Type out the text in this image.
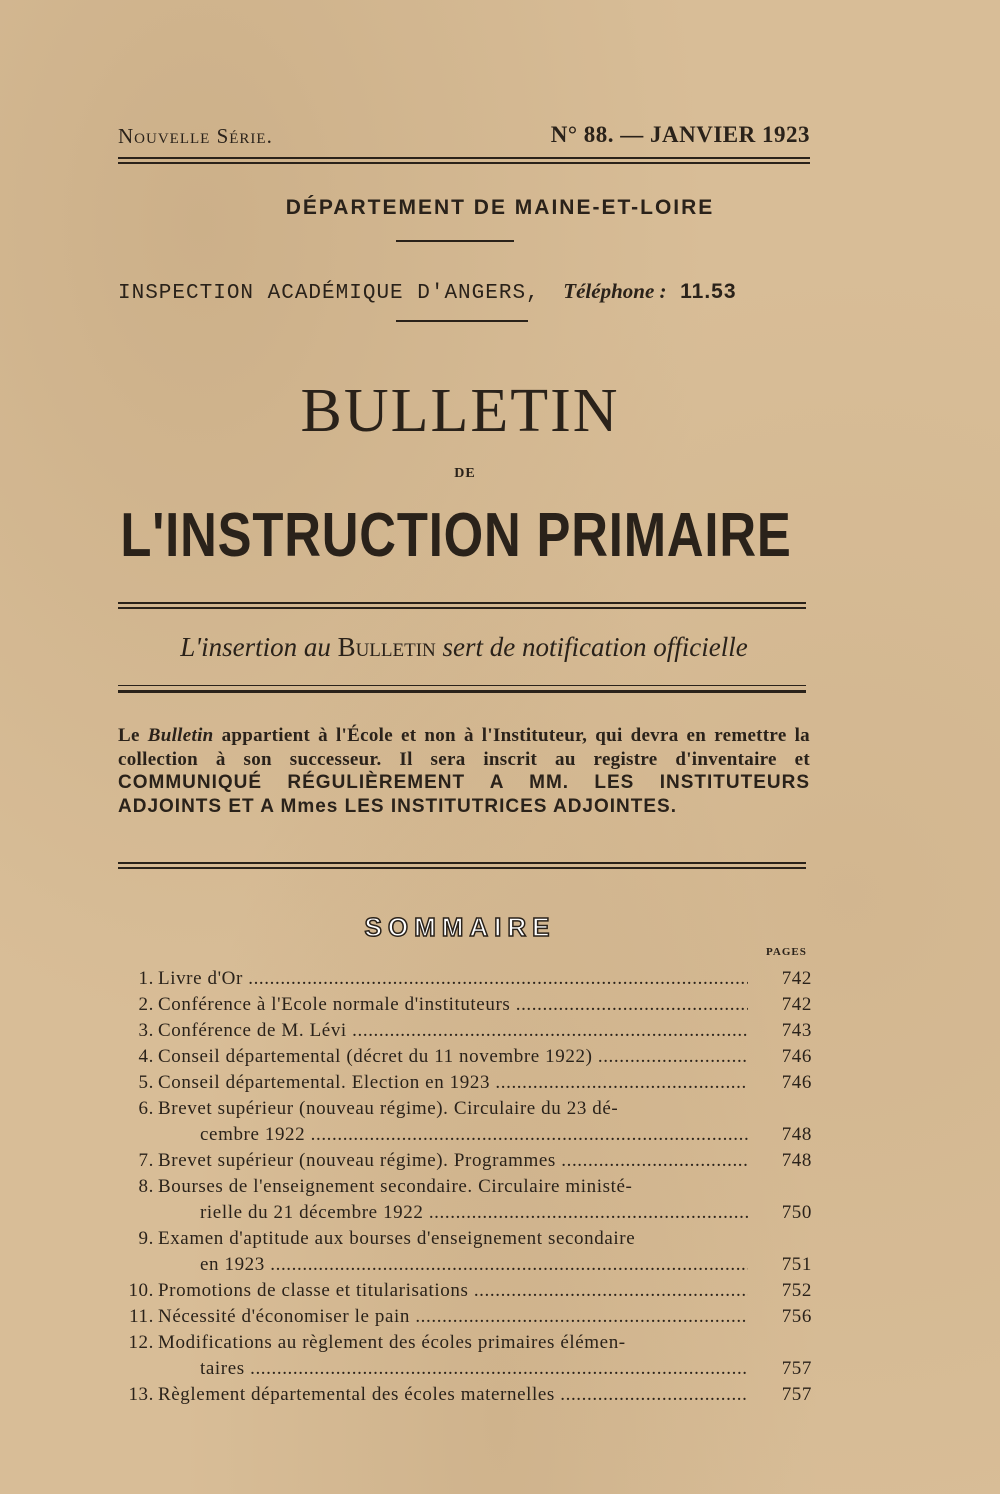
Nouvelle Série.	N° 88. — JANVIER 1923
DÉPARTEMENT DE MAINE-ET-LOIRE
INSPECTION ACADÉMIQUE D'ANGERS, Téléphone : 11.53
BULLETIN
DE
L'INSTRUCTION PRIMAIRE
L'insertion au Bulletin sert de notification officielle
Le Bulletin appartient à l'École et non à l'Instituteur, qui devra en remettre la collection à son successeur. Il sera inscrit au registre d'inventaire et COMMUNIQUÉ RÉGULIÈREMENT A MM. LES INSTITUTEURS ADJOINTS ET A Mmes LES INSTITUTRICES ADJOINTES.
SOMMAIRE
PAGES
1. Livre d'Or .....	742
2. Conférence à l'Ecole normale d'instituteurs .....	742
3. Conférence de M. Lévi .....	743
4. Conseil départemental (décret du 11 novembre 1922) .....	746
5. Conseil départemental. Election en 1923 .....	746
6. Brevet supérieur (nouveau régime). Circulaire du 23 dé-
cembre 1922 .....	748
7. Brevet supérieur (nouveau régime). Programmes .....	748
8. Bourses de l'enseignement secondaire. Circulaire ministé-
rielle du 21 décembre 1922 .....	750
9. Examen d'aptitude aux bourses d'enseignement secondaire
en 1923 .....	751
10. Promotions de classe et titularisations .....	752
11. Nécessité d'économiser le pain .....	756
12. Modifications au règlement des écoles primaires élémen-
taires .....	757
13. Règlement départemental des écoles maternelles .....	757
